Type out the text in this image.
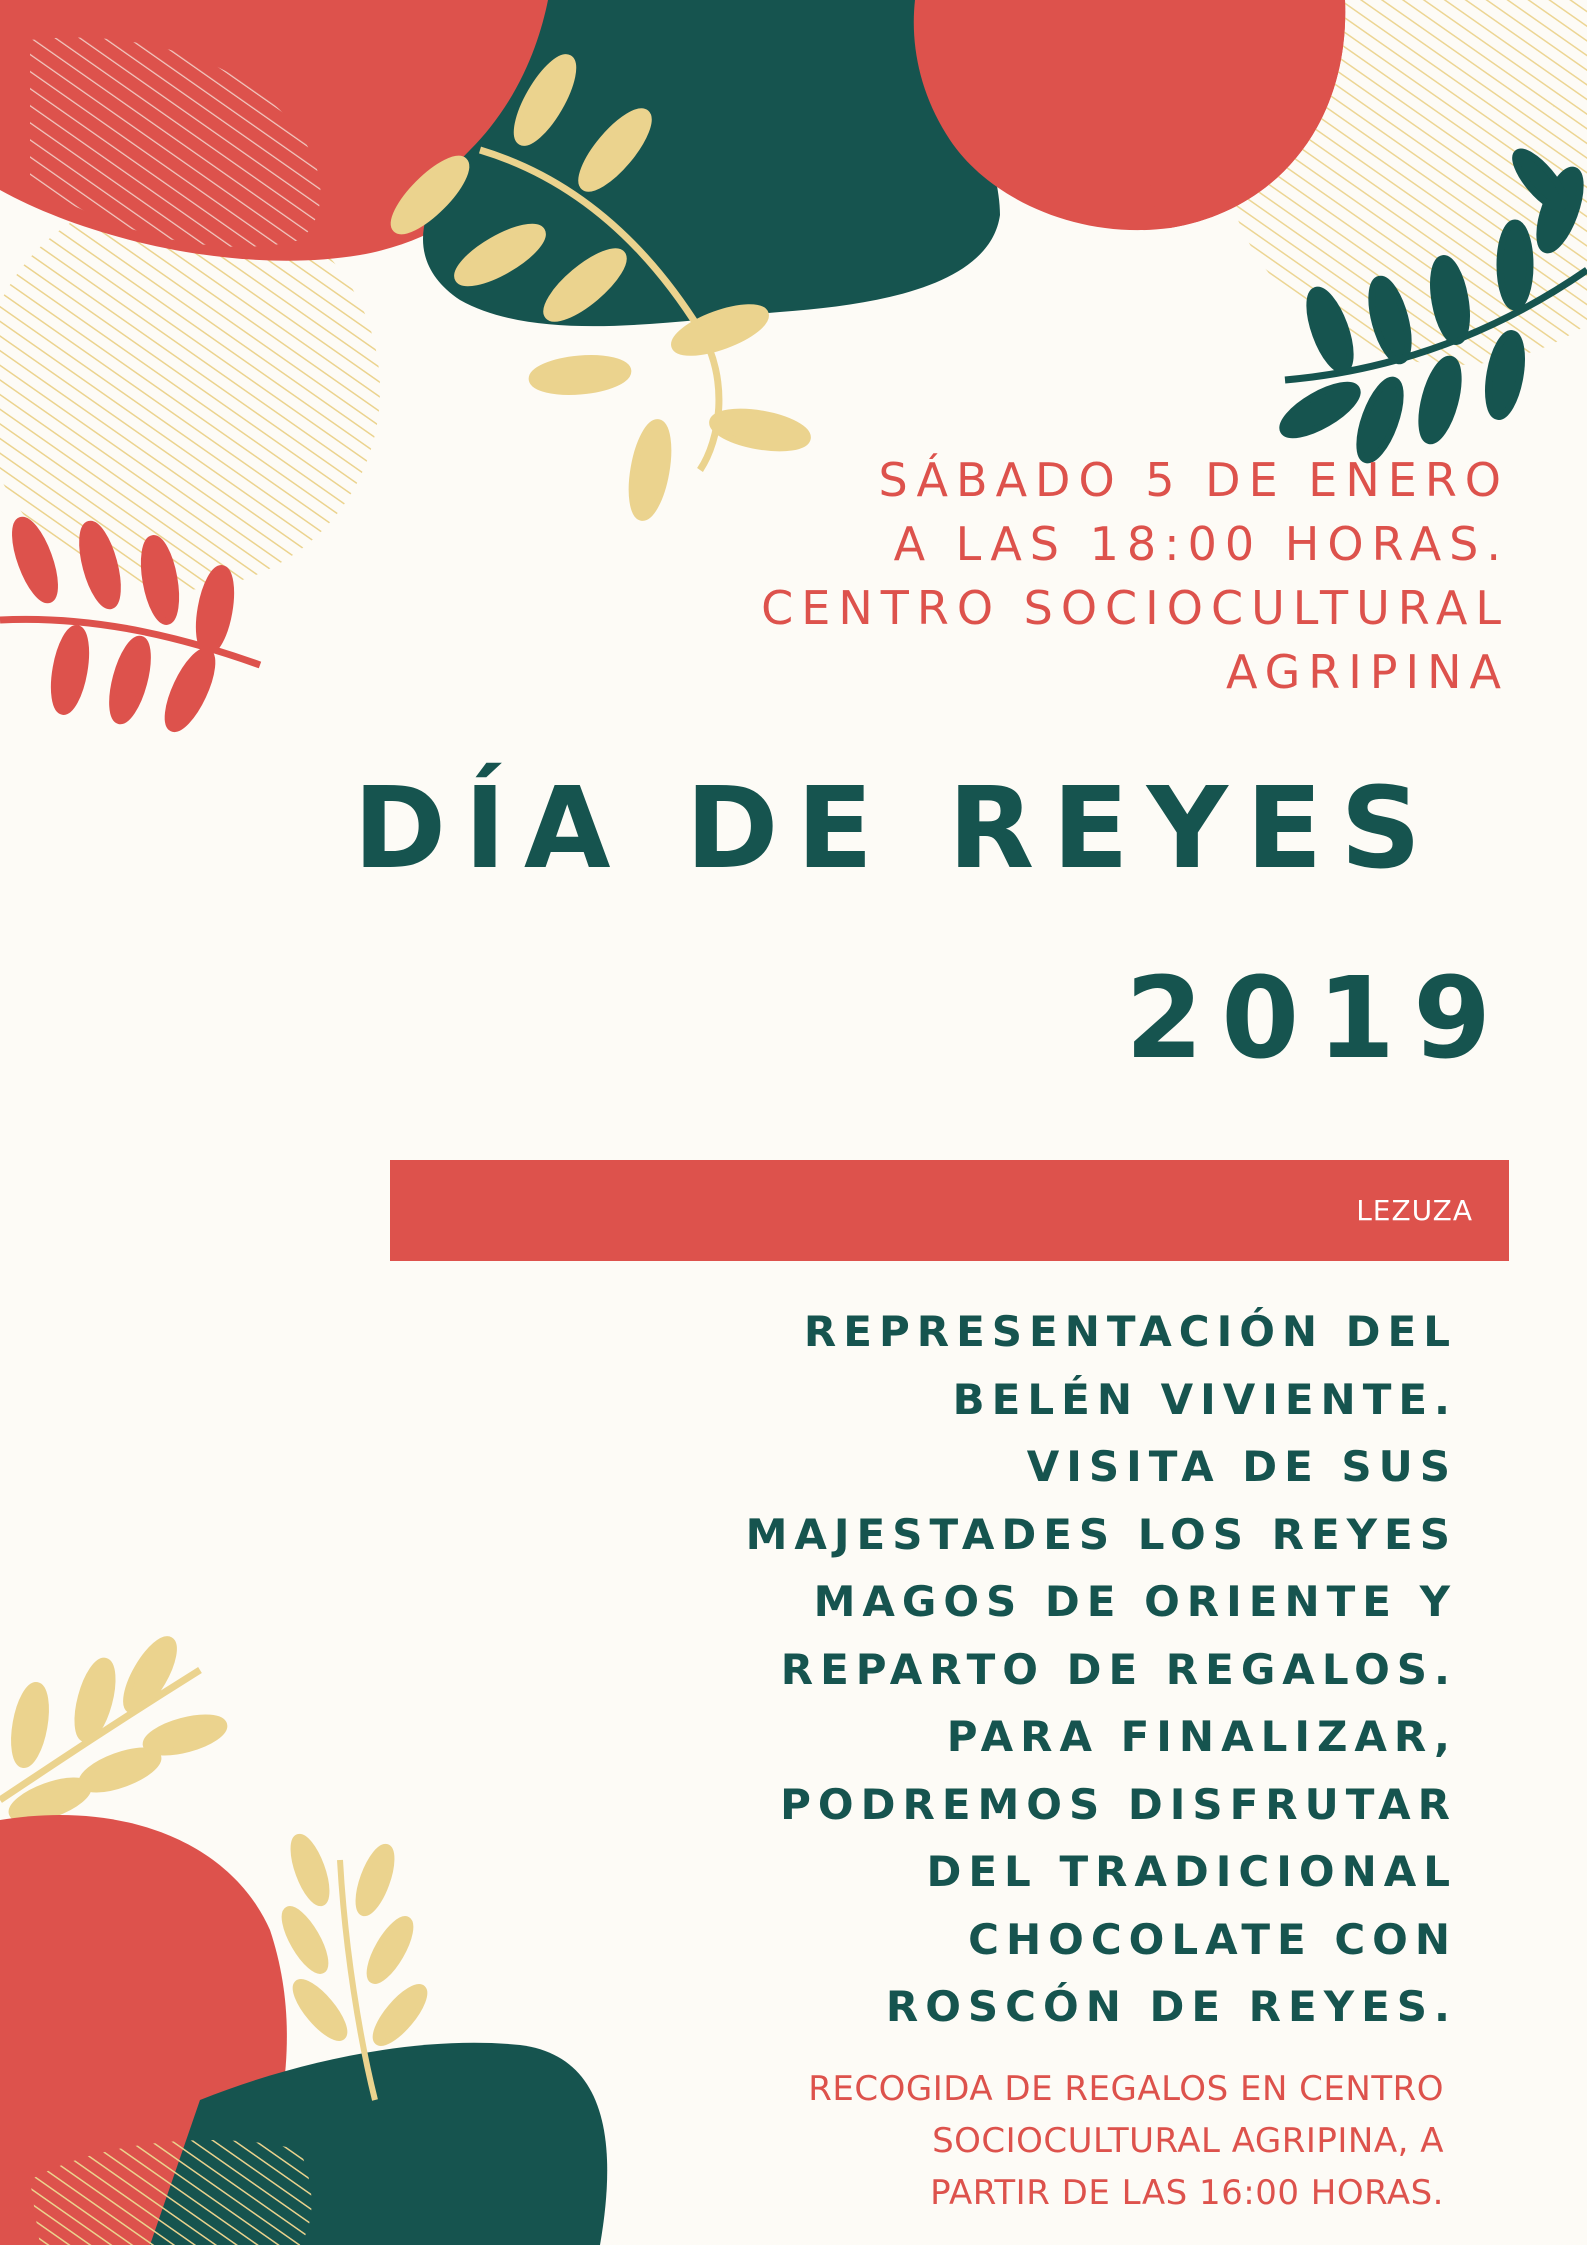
SÁBADO 5 DE ENERO
A LAS 18:00 HORAS.
CENTRO SOCIOCULTURAL
AGRIPINA
DÍA DE REYES
2019
LEZUZA
REPRESENTACIÓN DEL
BELÉN VIVIENTE.
VISITA DE SUS
MAJESTADES LOS REYES
MAGOS DE ORIENTE Y
REPARTO DE REGALOS.
PARA FINALIZAR,
PODREMOS DISFRUTAR
DEL TRADICIONAL
CHOCOLATE CON
ROSCÓN DE REYES.
RECOGIDA DE REGALOS EN CENTRO
SOCIOCULTURAL AGRIPINA, A
PARTIR DE LAS 16:00 HORAS.
